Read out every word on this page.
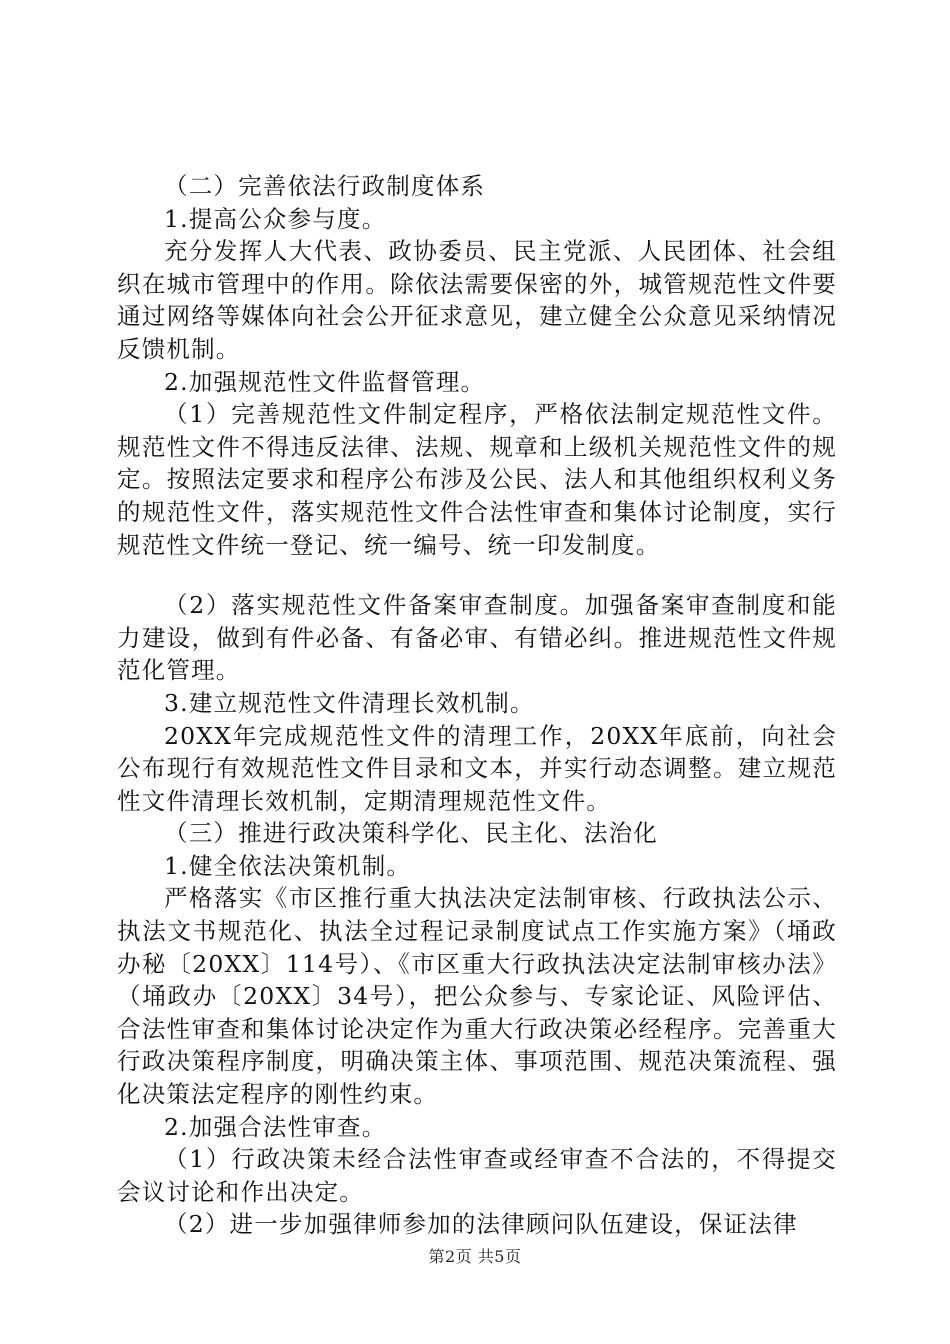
（二）完善依法行政制度体系

1.提高公众参与度。

充分发挥人大代表、政协委员、民主党派、人民团体、社会组织在城市管理中的作用。除依法需要保密的外，城管规范性文件要通过网络等媒体向社会公开征求意见，建立健全公众意见采纳情况反馈机制。

2.加强规范性文件监督管理。

（1）完善规范性文件制定程序，严格依法制定规范性文件。规范性文件不得违反法律、法规、规章和上级机关规范性文件的规定。按照法定要求和程序公布涉及公民、法人和其他组织权利义务的规范性文件，落实规范性文件合法性审查和集体讨论制度，实行规范性文件统一登记、统一编号、统一印发制度。

（2）落实规范性文件备案审查制度。加强备案审查制度和能力建设，做到有件必备、有备必审、有错必纠。推进规范性文件规范化管理。

3.建立规范性文件清理长效机制。

20XX年完成规范性文件的清理工作，20XX年底前，向社会公布现行有效规范性文件目录和文本，并实行动态调整。建立规范性文件清理长效机制，定期清理规范性文件。

（三）推进行政决策科学化、民主化、法治化

1.健全依法决策机制。

严格落实《市区推行重大执法决定法制审核、行政执法公示、执法文书规范化、执法全过程记录制度试点工作实施方案》（埇政办秘〔20XX〕114号）、《市区重大行政执法决定法制审核办法》（埇政办〔20XX〕34号），把公众参与、专家论证、风险评估、合法性审查和集体讨论决定作为重大行政决策必经程序。完善重大行政决策程序制度，明确决策主体、事项范围、规范决策流程、强化决策法定程序的刚性约束。

2.加强合法性审查。

（1）行政决策未经合法性审查或经审查不合法的，不得提交会议讨论和作出决定。

（2）进一步加强律师参加的法律顾问队伍建设，保证法律

第2页 共5页
